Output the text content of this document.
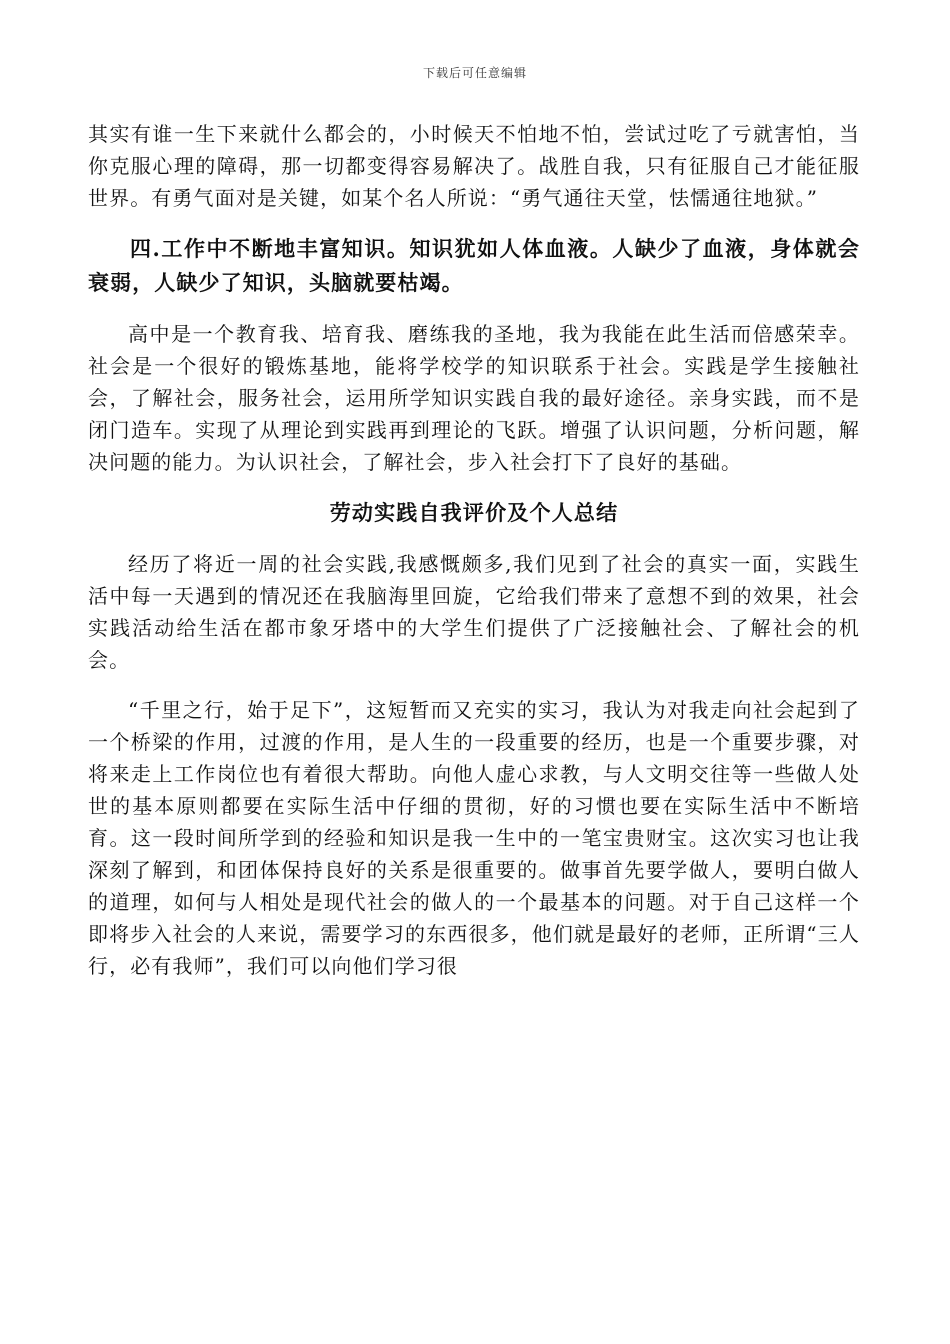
下载后可任意编辑

其实有谁一生下来就什么都会的，小时候天不怕地不怕，尝试过吃了亏就害怕，当你克服心理的障碍，那一切都变得容易解决了。战胜自我，只有征服自己才能征服世界。有勇气面对是关键，如某个名人所说：“勇气通往天堂，怯懦通往地狱。”

四.工作中不断地丰富知识。知识犹如人体血液。人缺少了血液，身体就会衰弱，人缺少了知识，头脑就要枯竭。

高中是一个教育我、培育我、磨练我的圣地，我为我能在此生活而倍感荣幸。社会是一个很好的锻炼基地，能将学校学的知识联系于社会。实践是学生接触社会，了解社会，服务社会，运用所学知识实践自我的最好途径。亲身实践，而不是闭门造车。实现了从理论到实践再到理论的飞跃。增强了认识问题，分析问题，解决问题的能力。为认识社会，了解社会，步入社会打下了良好的基础。

劳动实践自我评价及个人总结

经历了将近一周的社会实践,我感慨颇多,我们见到了社会的真实一面，实践生活中每一天遇到的情况还在我脑海里回旋，它给我们带来了意想不到的效果，社会实践活动给生活在都市象牙塔中的大学生们提供了广泛接触社会、了解社会的机会。

“千里之行，始于足下”，这短暂而又充实的实习，我认为对我走向社会起到了一个桥梁的作用，过渡的作用，是人生的一段重要的经历，也是一个重要步骤，对将来走上工作岗位也有着很大帮助。向他人虚心求教，与人文明交往等一些做人处世的基本原则都要在实际生活中仔细的贯彻，好的习惯也要在实际生活中不断培育。这一段时间所学到的经验和知识是我一生中的一笔宝贵财宝。这次实习也让我深刻了解到，和团体保持良好的关系是很重要的。做事首先要学做人，要明白做人的道理，如何与人相处是现代社会的做人的一个最基本的问题。对于自己这样一个即将步入社会的人来说，需要学习的东西很多，他们就是最好的老师，正所谓“三人行，必有我师”，我们可以向他们学习很
